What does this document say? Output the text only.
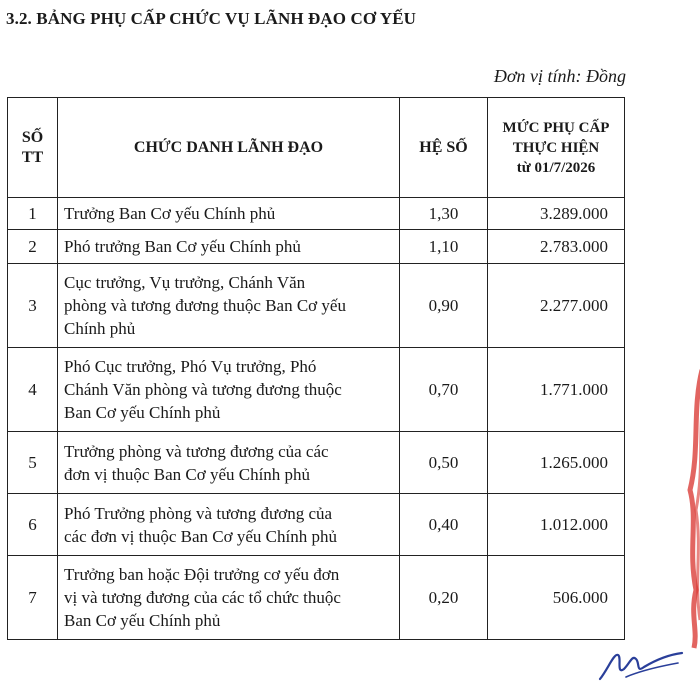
3.2. BẢNG PHỤ CẤP CHỨC VỤ LÃNH ĐẠO CƠ YẾU
Đơn vị tính: Đồng
SỐ
TT	CHỨC DANH LÃNH ĐẠO	HỆ SỐ	MỨC PHỤ CẤP
THỰC HIỆN
từ 01/7/2026

1	Trưởng Ban Cơ yếu Chính phủ	1,30	3.289.000
2	Phó trưởng Ban Cơ yếu Chính phủ	1,10	2.783.000
3	Cục trưởng, Vụ trưởng, Chánh Văn
phòng và tương đương thuộc Ban Cơ yếu
Chính phủ	0,90	2.277.000
4	Phó Cục trưởng, Phó Vụ trưởng, Phó
Chánh Văn phòng và tương đương thuộc
Ban Cơ yếu Chính phủ	0,70	1.771.000
5	Trưởng phòng và tương đương của các
đơn vị thuộc Ban Cơ yếu Chính phủ	0,50	1.265.000
6	Phó Trưởng phòng và tương đương của
các đơn vị thuộc Ban Cơ yếu Chính phủ	0,40	1.012.000
7	Trưởng ban hoặc Đội trưởng cơ yếu đơn
vị và tương đương của các tổ chức thuộc
Ban Cơ yếu Chính phủ	0,20	506.000
